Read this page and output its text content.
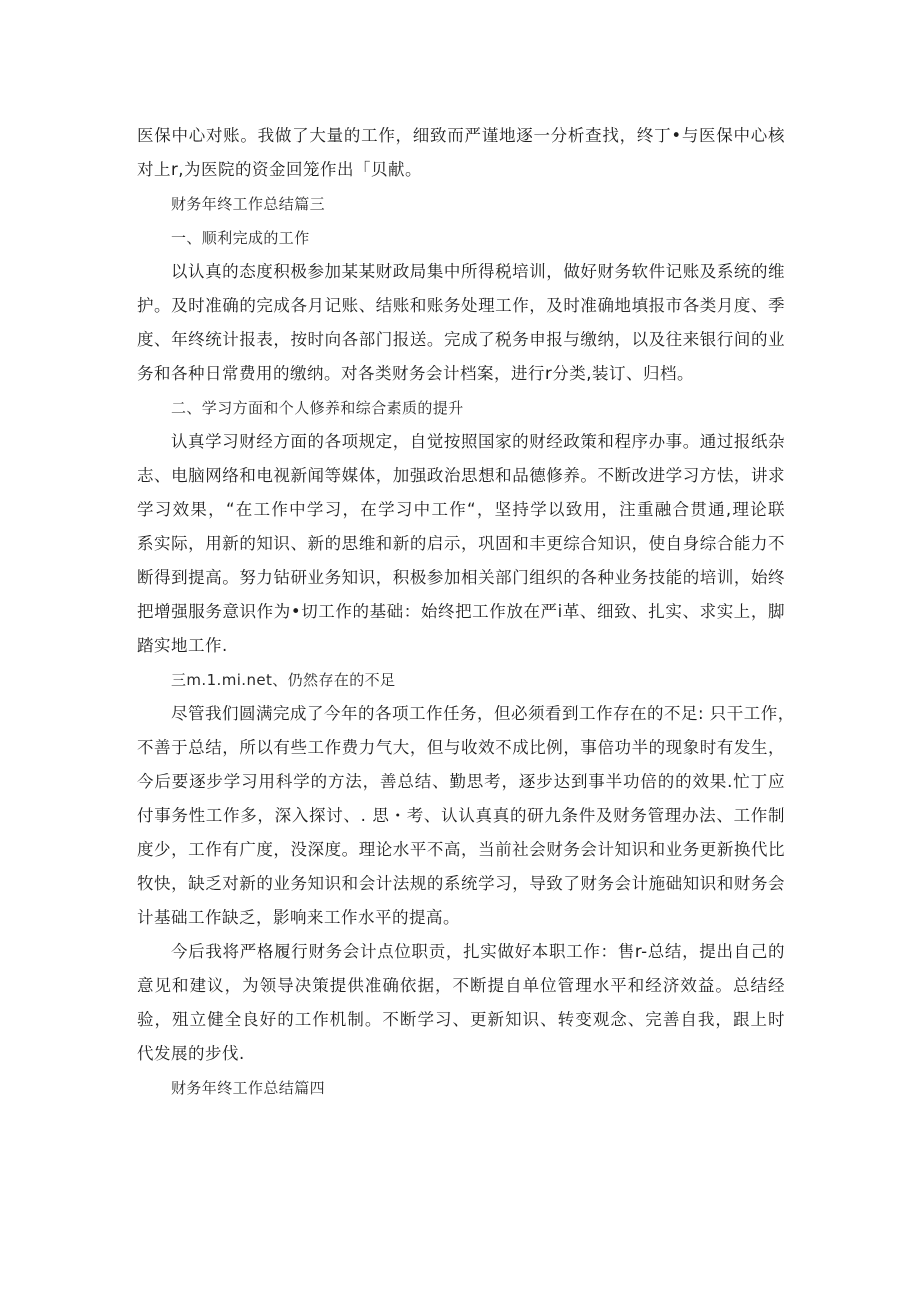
医保中心对账。我做了大量的工作，细致而严谨地逐一分析查找，终丁•与医保中心核
对上r,为医院的资金回笼作出「贝献。
财务年终工作总结篇三
一、顺利完成的工作
以认真的态度积极参加某某财政局集中所得税培训，做好财务软件记账及系统的维
护。及时准确的完成各月记账、结账和账务处理工作，及时准确地填报市各类月度、季
度、年终统计报表，按时向各部门报送。完成了税务申报与缴纳，以及往来银行间的业
务和各种日常费用的缴纳。对各类财务会计档案，进行r分类,装订、归档。
二、学习方面和个人修养和综合素质的提升
认真学习财经方面的各项规定，自觉按照国家的财经政策和程序办事。通过报纸杂
志、电脑网络和电视新闻等媒体，加强政治思想和品德修养。不断改进学习方怯，讲求
学习效果，“在工作中学习，在学习中工作“，坚持学以致用，注重融合贯通,理论联
系实际，用新的知识、新的思维和新的启示，巩固和丰更综合知识，使自身综合能力不
断得到提高。努力钻研业务知识，积极参加相关部门组织的各种业务技能的培训，始终
把增强服务意识作为•切工作的基础：始终把工作放在严i革、细致、扎实、求实上，脚
踏实地工作.
三m.1.mi.net、仍然存在的不足
尽管我们圆满完成了今年的各项工作任务，但必须看到工作存在的不足: 只干工作，
不善于总结，所以有些工作费力气大，但与收效不成比例，事倍功半的现象时有发生，
今后要逐步学习用科学的方法，善总结、勤思考，逐步达到事半功倍的的效果.忙丁应
付事务性工作多，深入探讨、. 思・考、认认真真的研九条件及财务管理办法、工作制
度少，工作有广度，没深度。理论水平不高，当前社会财务会计知识和业务更新换代比
牧快，缺乏对新的业务知识和会计法规的系统学习，导致了财务会计施础知识和财务会
计基础工作缺乏，影响来工作水平的提高。
今后我将严格履行财务会计点位职贡，扎实做好本职工作：售r-总结，提出自己的
意见和建议，为领导决策提供准确依据，不断提自单位管理水平和经济效益。总结经
验，殂立健全良好的工作机制。不断学习、更新知识、转变观念、完善自我，跟上时
代发展的步伐.
财务年终工作总结篇四
